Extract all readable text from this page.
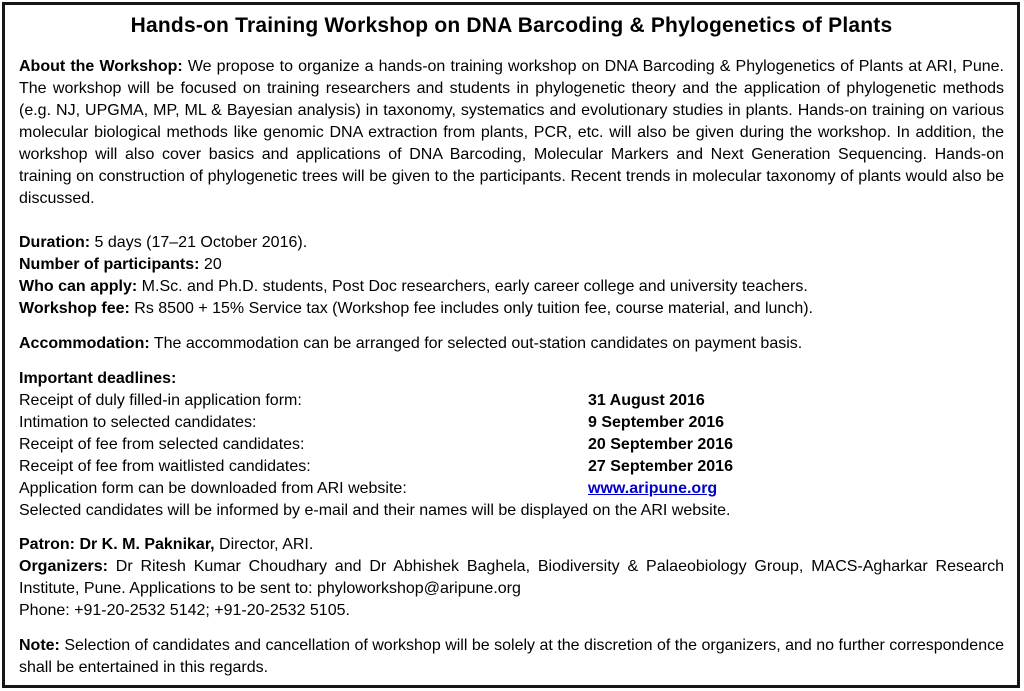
Hands-on Training Workshop on DNA Barcoding & Phylogenetics of Plants

About the Workshop: We propose to organize a hands-on training workshop on DNA Barcoding & Phylogenetics of Plants at ARI, Pune. The workshop will be focused on training researchers and students in phylogenetic theory and the application of phylogenetic methods (e.g. NJ, UPGMA, MP, ML & Bayesian analysis) in taxonomy, systematics and evolutionary studies in plants. Hands-on training on various molecular biological methods like genomic DNA extraction from plants, PCR, etc. will also be given during the workshop. In addition, the workshop will also cover basics and applications of DNA Barcoding, Molecular Markers and Next Generation Sequencing. Hands-on training on construction of phylogenetic trees will be given to the participants. Recent trends in molecular taxonomy of plants would also be discussed.

Duration: 5 days (17–21 October 2016).
Number of participants: 20
Who can apply: M.Sc. and Ph.D. students, Post Doc researchers, early career college and university teachers.
Workshop fee: Rs 8500 + 15% Service tax (Workshop fee includes only tuition fee, course material, and lunch).
Accommodation: The accommodation can be arranged for selected out-station candidates on payment basis.
Important deadlines:
Receipt of duly filled-in application form:	31 August 2016
Intimation to selected candidates:	9 September 2016
Receipt of fee from selected candidates:	20 September 2016
Receipt of fee from waitlisted candidates:	27 September 2016
Application form can be downloaded from ARI website:	www.aripune.org
Selected candidates will be informed by e-mail and their names will be displayed on the ARI website.
Patron: Dr K. M. Paknikar, Director, ARI.

Organizers: Dr Ritesh Kumar Choudhary and Dr Abhishek Baghela, Biodiversity & Palaeobiology Group, MACS-Agharkar Research Institute, Pune. Applications to be sent to: phyloworkshop@aripune.org

Phone: +91-20-2532 5142; +91-20-2532 5105.

Note: Selection of candidates and cancellation of workshop will be solely at the discretion of the organizers, and no further correspondence shall be entertained in this regards.
